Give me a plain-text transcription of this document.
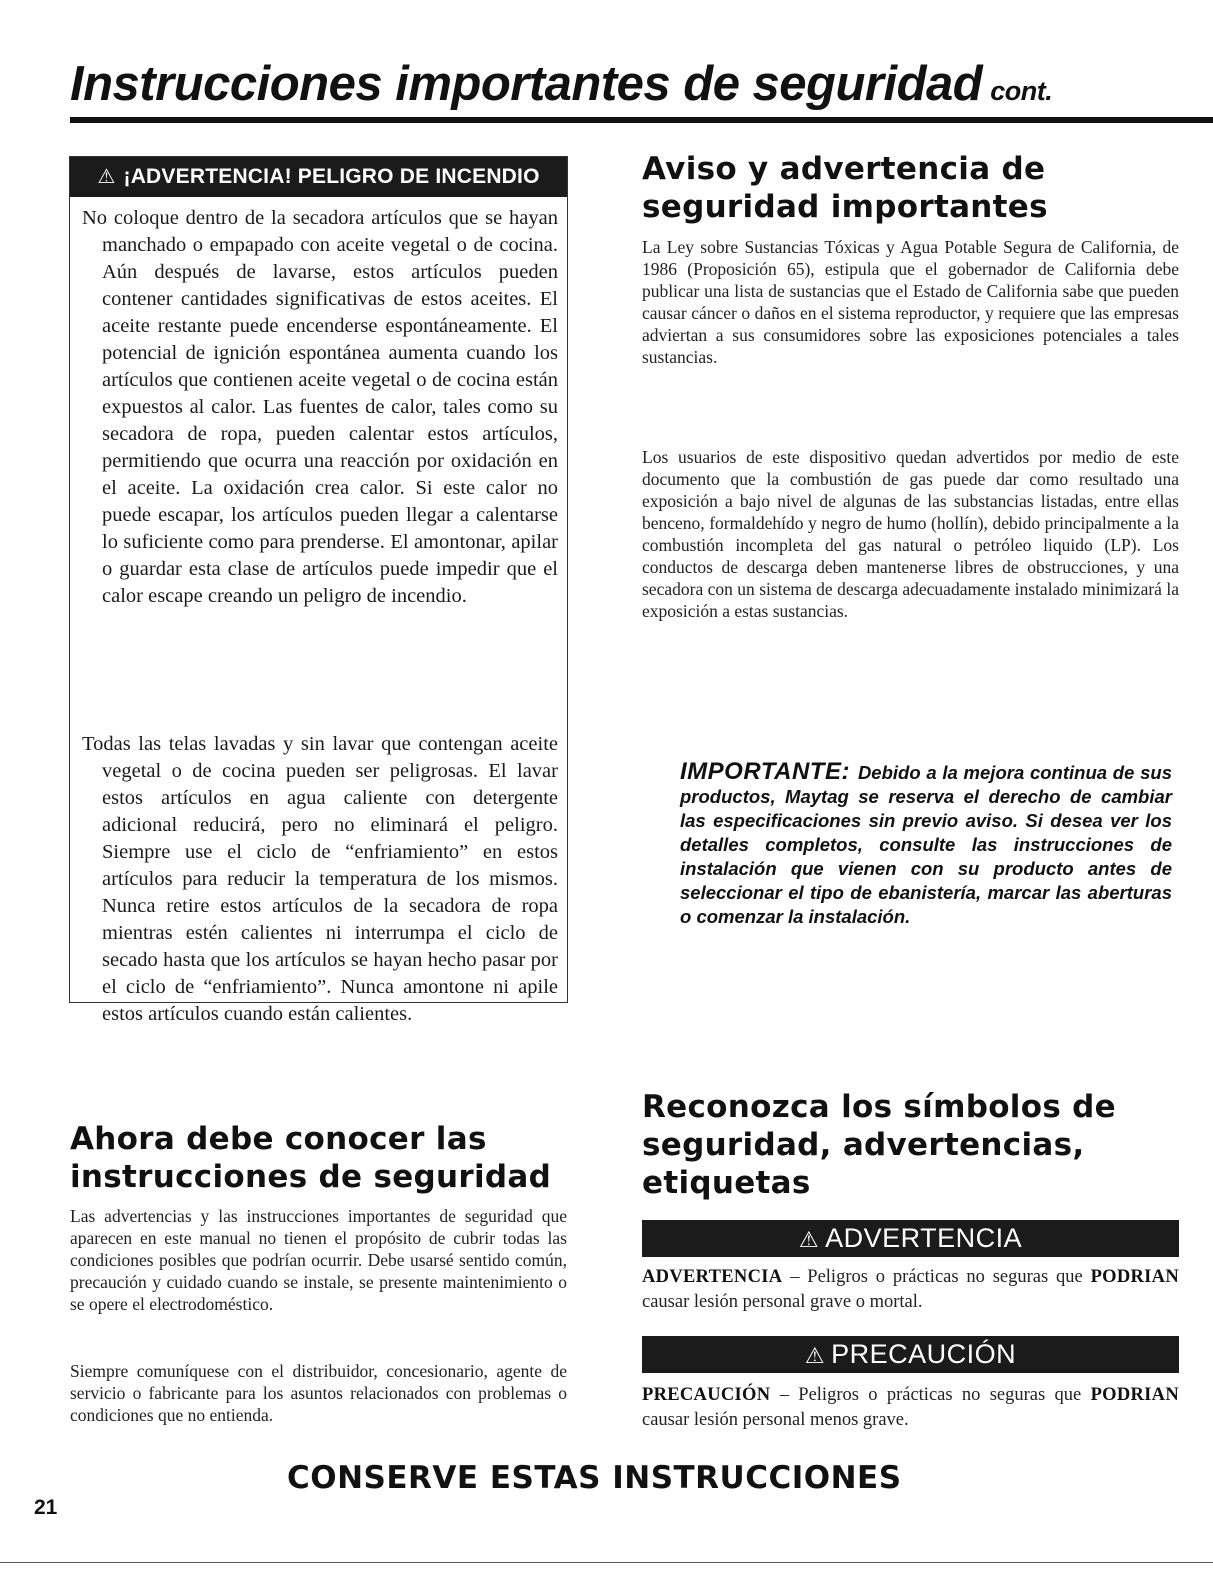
Instrucciones importantes de seguridad cont.
⚠ ¡ADVERTENCIA! PELIGRO DE INCENDIO

No coloque dentro de la secadora artículos que se hayan manchado o empapado con aceite vegetal o de cocina. Aún después de lavarse, estos artículos pueden contener cantidades significativas de estos aceites. El aceite restante puede encenderse espontáneamente. El potencial de ignición espontánea aumenta cuando los artículos que contienen aceite vegetal o de cocina están expuestos al calor. Las fuentes de calor, tales como su secadora de ropa, pueden calentar estos artículos, permitiendo que ocurra una reacción por oxidación en el aceite. La oxidación crea calor. Si este calor no puede escapar, los artículos pueden llegar a calentarse lo suficiente como para prenderse. El amontonar, apilar o guardar esta clase de artículos puede impedir que el calor escape creando un peligro de incendio.

Todas las telas lavadas y sin lavar que contengan aceite vegetal o de cocina pueden ser peligrosas. El lavar estos artículos en agua caliente con detergente adicional reducirá, pero no eliminará el peligro. Siempre use el ciclo de “enfriamiento” en estos artículos para reducir la temperatura de los mismos. Nunca retire estos artículos de la secadora de ropa mientras estén calientes ni interrumpa el ciclo de secado hasta que los artículos se hayan hecho pasar por el ciclo de “enfriamiento”. Nunca amontone ni apile estos artículos cuando están calientes.

Ahora debe conocer las instrucciones de seguridad

Las advertencias y las instrucciones importantes de seguridad que aparecen en este manual no tienen el propósito de cubrir todas las condiciones posibles que podrían ocurrir. Debe usarsé sentido común, precaución y cuidado cuando se instale, se presente maintenimiento o se opere el electrodoméstico.

Siempre comuníquese con el distribuidor, concesionario, agente de servicio o fabricante para los asuntos relacionados con problemas o condiciones que no entienda.

Aviso y advertencia de seguridad importantes

La Ley sobre Sustancias Tóxicas y Agua Potable Segura de California, de 1986 (Proposición 65), estipula que el gobernador de California debe publicar una lista de sustancias que el Estado de California sabe que pueden causar cáncer o daños en el sistema reproductor, y requiere que las empresas adviertan a sus consumidores sobre las exposiciones potenciales a tales sustancias.

Los usuarios de este dispositivo quedan advertidos por medio de este documento que la combustión de gas puede dar como resultado una exposición a bajo nivel de algunas de las substancias listadas, entre ellas benceno, formaldehído y negro de humo (hollín), debido principalmente a la combustión incompleta del gas natural o petróleo liquido (LP). Los conductos de descarga deben mantenerse libres de obstrucciones, y una secadora con un sistema de descarga adecuadamente instalado minimizará la exposición a estas sustancias.

IMPORTANTE: Debido a la mejora continua de sus productos, Maytag se reserva el derecho de cambiar las especificaciones sin previo aviso. Si desea ver los detalles completos, consulte las instrucciones de instalación que vienen con su producto antes de seleccionar el tipo de ebanistería, marcar las aberturas o comenzar la instalación.

Reconozca los símbolos de seguridad, advertencias, etiquetas
⚠ ADVERTENCIA

ADVERTENCIA – Peligros o prácticas no seguras que PODRIAN causar lesión personal grave o mortal.

⚠ PRECAUCIÓN

PRECAUCIÓN – Peligros o prácticas no seguras que PODRIAN causar lesión personal menos grave.

CONSERVE ESTAS INSTRUCCIONES

21
